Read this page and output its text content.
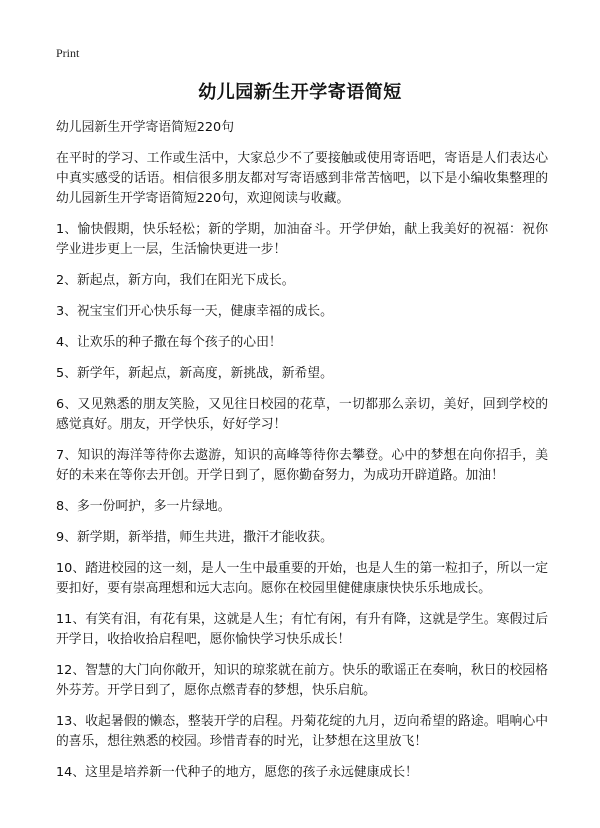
Print
幼儿园新生开学寄语简短

幼儿园新生开学寄语简短220句

在平时的学习、工作或生活中，大家总少不了要接触或使用寄语吧，寄语是人们表达心中真实感受的话语。相信很多朋友都对写寄语感到非常苦恼吧，以下是小编收集整理的幼儿园新生开学寄语简短220句，欢迎阅读与收藏。

1、愉快假期，快乐轻松；新的学期，加油奋斗。开学伊始，献上我美好的祝福：祝你学业进步更上一层，生活愉快更进一步！
2、新起点，新方向，我们在阳光下成长。
3、祝宝宝们开心快乐每一天，健康幸福的成长。
4、让欢乐的种子撒在每个孩子的心田！
5、新学年，新起点，新高度，新挑战，新希望。
6、又见熟悉的朋友笑脸，又见往日校园的花草，一切都那么亲切，美好，回到学校的感觉真好。朋友，开学快乐，好好学习！
7、知识的海洋等待你去遨游，知识的高峰等待你去攀登。心中的梦想在向你招手，美好的未来在等你去开创。开学日到了，愿你勤奋努力，为成功开辟道路。加油！
8、多一份呵护，多一片绿地。
9、新学期，新举措，师生共进，撒汗才能收获。
10、踏进校园的这一刻，是人一生中最重要的开始，也是人生的第一粒扣子，所以一定要扣好，要有崇高理想和远大志向。愿你在校园里健健康康快快乐乐地成长。
11、有笑有泪，有花有果，这就是人生；有忙有闲，有升有降，这就是学生。寒假过后开学日，收拾收拾启程吧，愿你愉快学习快乐成长！
12、智慧的大门向你敞开，知识的琼浆就在前方。快乐的歌谣正在奏响，秋日的校园格外芬芳。开学日到了，愿你点燃青春的梦想，快乐启航。
13、收起暑假的懒态，整装开学的启程。丹菊花绽的九月，迈向希望的路途。唱响心中的喜乐，想往熟悉的校园。珍惜青春的时光，让梦想在这里放飞！
14、这里是培养新一代种子的地方，愿您的孩子永远健康成长！
